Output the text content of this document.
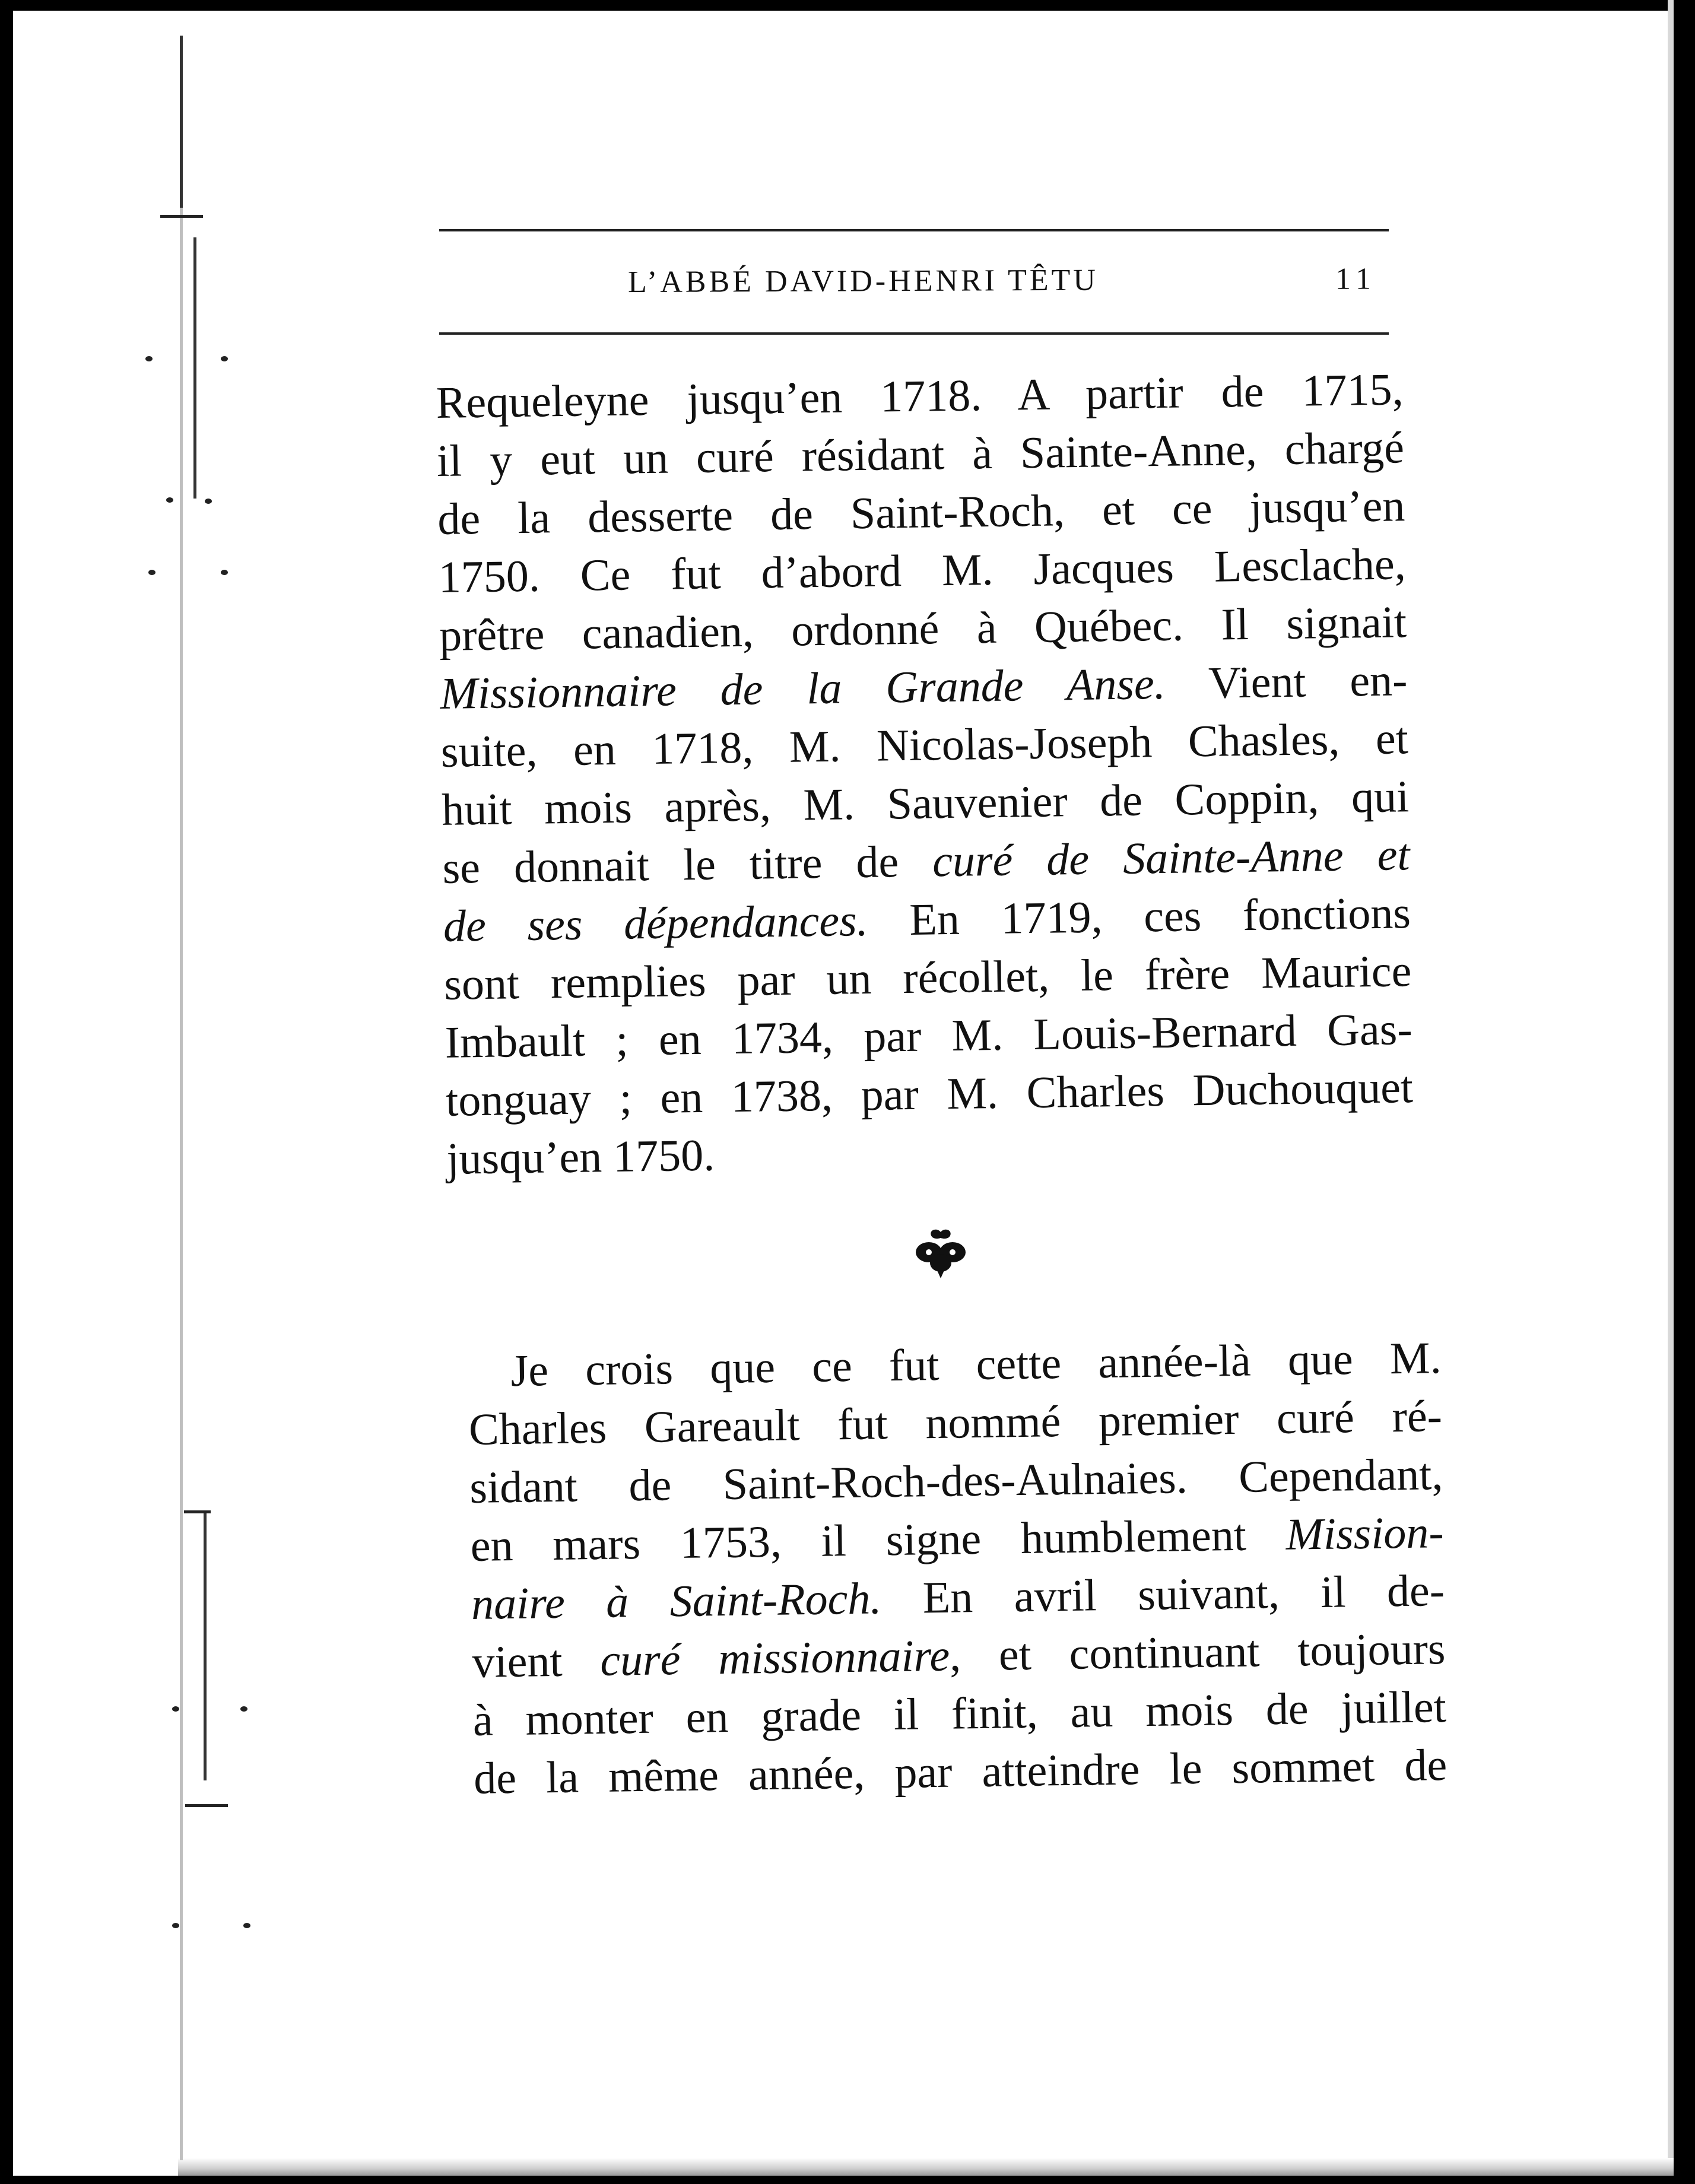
L’ABBÉ DAVID-HENRI TÊTU	11
Requeleyne jusqu’en 1718. A partir de 1715,
il y eut un curé résidant à Sainte-Anne, chargé
de la desserte de Saint-Roch, et ce jusqu’en
1750. Ce fut d’abord M. Jacques Lesclache,
prêtre canadien, ordonné à Québec. Il signait
Missionnaire de la Grande Anse. Vient en-
suite, en 1718, M. Nicolas-Joseph Chasles, et
huit mois après, M. Sauvenier de Coppin, qui
se donnait le titre de curé de Sainte-Anne et
de ses dépendances. En 1719, ces fonctions
sont remplies par un récollet, le frère Maurice
Imbault ; en 1734, par M. Louis-Bernard Gas-
tonguay ; en 1738, par M. Charles Duchouquet
jusqu’en 1750.
Je crois que ce fut cette année-là que M.
Charles Gareault fut nommé premier curé ré-
sidant de Saint-Roch-des-Aulnaies. Cependant,
en mars 1753, il signe humblement Mission-
naire à Saint-Roch. En avril suivant, il de-
vient curé missionnaire, et continuant toujours
à monter en grade il finit, au mois de juillet
de la même année, par atteindre le sommet de
